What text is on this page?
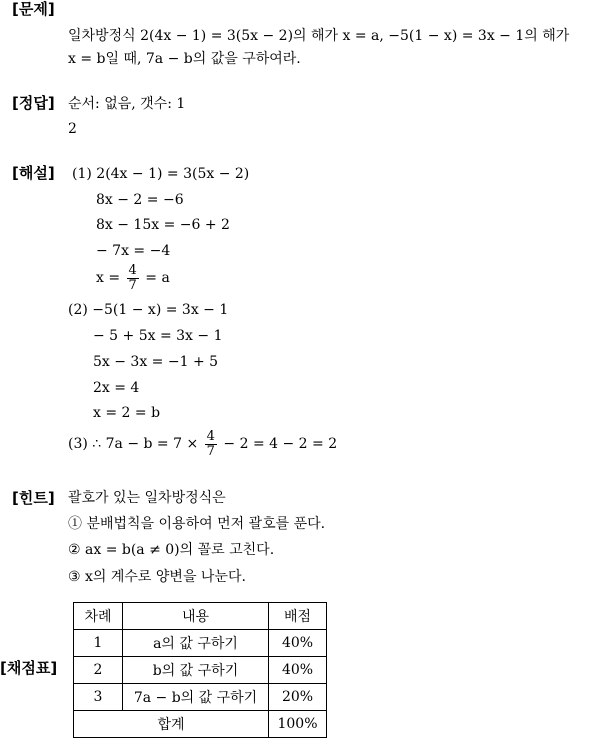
[문제]
일차방정식 2(4x − 1) = 3(5x − 2)의 해가 x = a, −5(1 − x) = 3x − 1의 해가
x = b일 때, 7a − b의 값을 구하여라.
[정답] 순서: 없음, 갯수: 1
2
[해설] (1) 2(4x − 1) = 3(5x − 2)
8x − 2 = −6
8x − 15x = −6 + 2
− 7x = −4
$x = \frac{4}{7} = a$
(2) −5(1 − x) = 3x − 1
− 5 + 5x = 3x − 1
5x − 3x = −1 + 5
2x = 4
x = 2 = b
(3) ∴ $7a - b = 7 \times \frac{4}{7} - 2 = 4 - 2 = 2$
[힌트] 괄호가 있는 일차방정식은
① 분배법칙을 이용하여 먼저 괄호를 푼다.
② ax = b(a ≠ 0)의 꼴로 고친다.
③ x의 계수로 양변을 나눈다.
[채점표]
차례	내용	배점
1	a의 값 구하기	40%
2	b의 값 구하기	40%
3	7a − b의 값 구하기	20%
합계		100%
